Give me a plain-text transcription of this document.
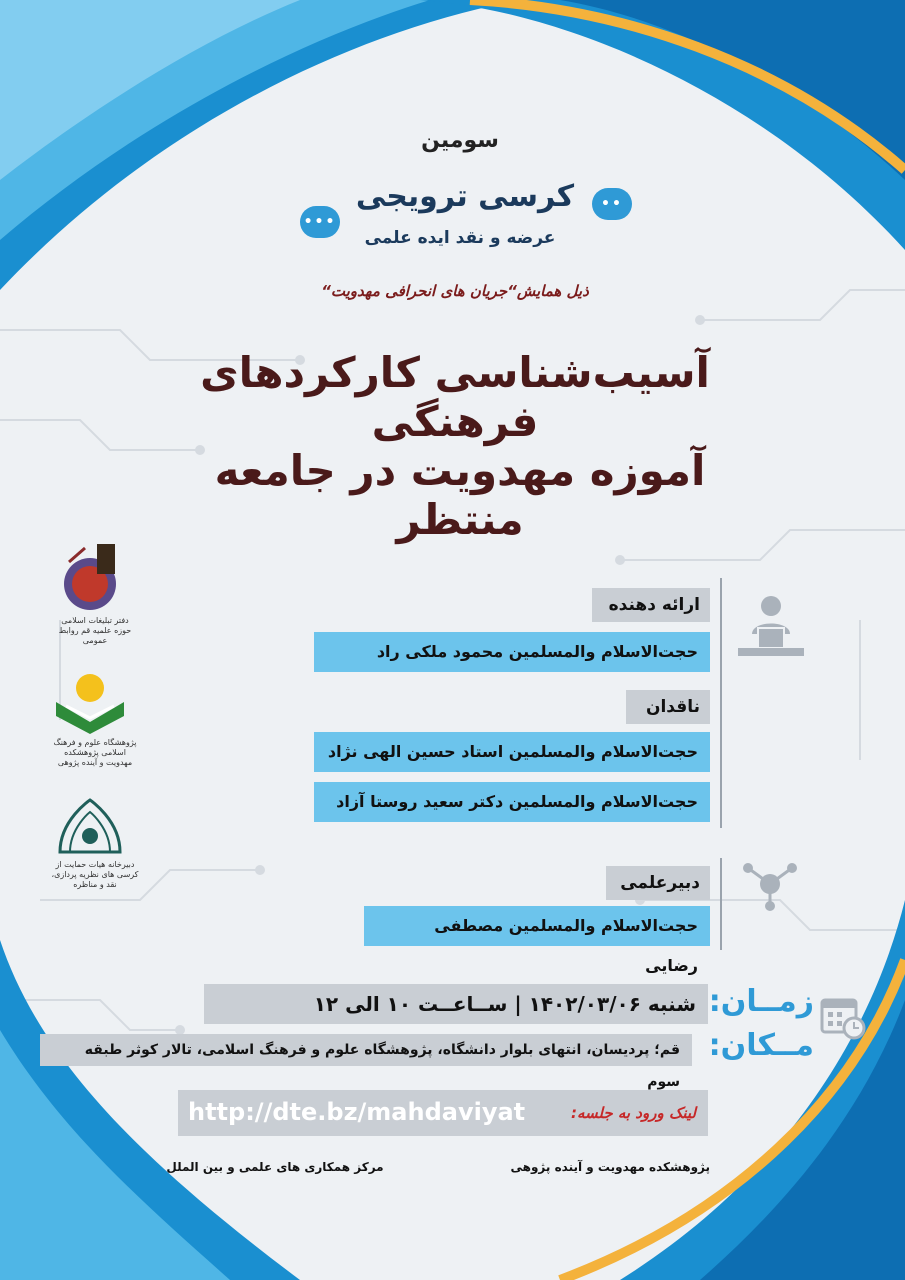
سومین
•••
••
کرسی ترویجی
عرضه و نقد ایده علمی
ذیل همایش“جریان های انحرافی مهدویت“
آسیب‌شناسی کارکردهای فرهنگی
آموزه مهدویت در جامعه منتظر
دفتر تبلیغات اسلامی حوزه علمیه قم روابط عمومی
پژوهشگاه علوم و فرهنگ اسلامی پژوهشکده مهدویت و آینده پژوهی
دبیرخانه هیات حمایت از کرسی های نظریه پردازی، نقد و مناظره
ارائه دهنده
حجت‌الاسلام والمسلمین محمود ملکی راد
ناقدان
حجت‌الاسلام والمسلمین استاد حسین الهی نژاد
حجت‌الاسلام والمسلمین دکتر سعید روستا آزاد
دبیرعلمی
حجت‌الاسلام والمسلمین مصطفی رضایی
زمــان:
شنبه ۱۴۰۲/۰۳/۰۶ | ســاعــت ۱۰ الی ۱۲
مــکان:
قم؛ پردیسان، انتهای بلوار دانشگاه، پژوهشگاه علوم و فرهنگ اسلامی، تالار کوثر طبقه سوم
لینک ورود به جلسه:
http://dte.bz/mahdaviyat
پژوهشکده مهدویت و آینده پژوهی
مرکز همکاری های علمی و بین الملل
